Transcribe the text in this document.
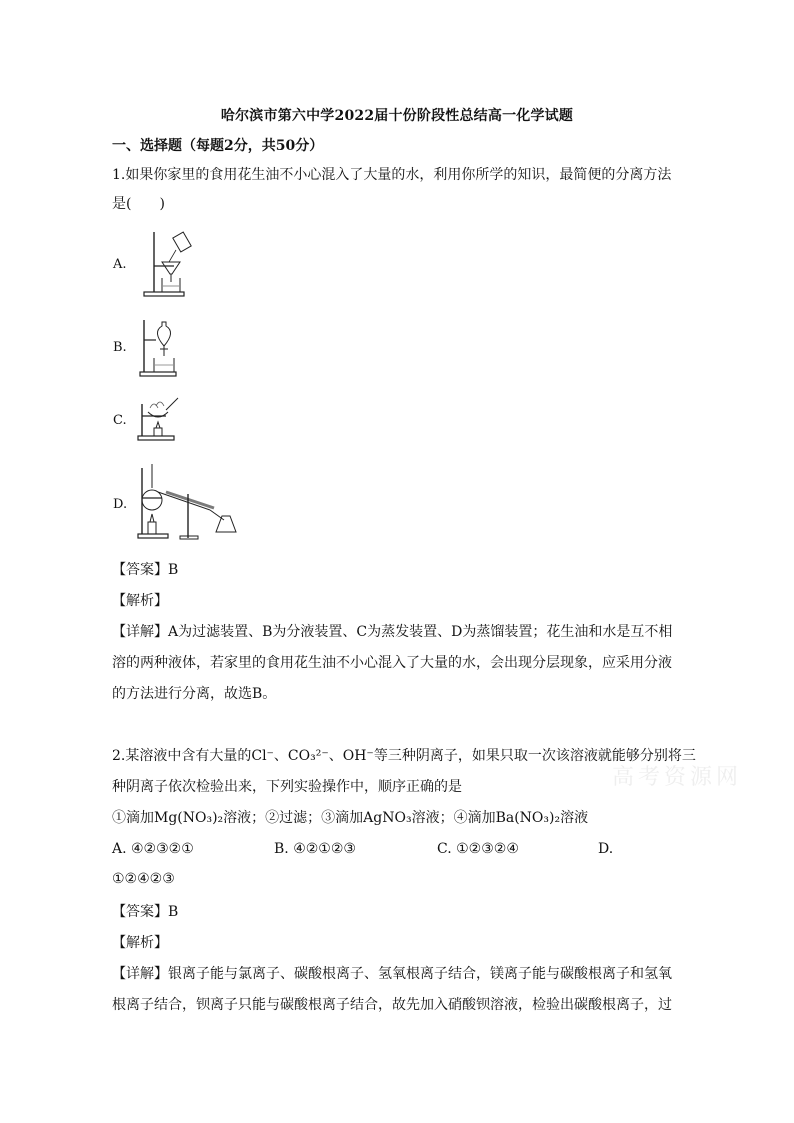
哈尔滨市第六中学2022届十份阶段性总结高一化学试题
一、选择题（每题2分，共50分）
1.如果你家里的食用花生油不小心混入了大量的水，利用你所学的知识，最简便的分离方法
是(　　)
A.
B.
C.
D.
【答案】B
【解析】
【详解】A为过滤装置、B为分液装置、C为蒸发装置、D为蒸馏装置；花生油和水是互不相
溶的两种液体，若家里的食用花生油不小心混入了大量的水，会出现分层现象，应采用分液
的方法进行分离，故选B。
2.某溶液中含有大量的Cl⁻、CO₃²⁻、OH⁻等三种阴离子，如果只取一次该溶液就能够分别将三
种阴离子依次检验出来，下列实验操作中，顺序正确的是
①滴加Mg(NO₃)₂溶液；②过滤；③滴加AgNO₃溶液；④滴加Ba(NO₃)₂溶液
A. ④②③②①	B. ④②①②③	C. ①②③②④	D.
①②④②③
【答案】B
【解析】
【详解】银离子能与氯离子、碳酸根离子、氢氧根离子结合，镁离子能与碳酸根离子和氢氧
根离子结合，钡离子只能与碳酸根离子结合，故先加入硝酸钡溶液，检验出碳酸根离子，过
高考资源网
